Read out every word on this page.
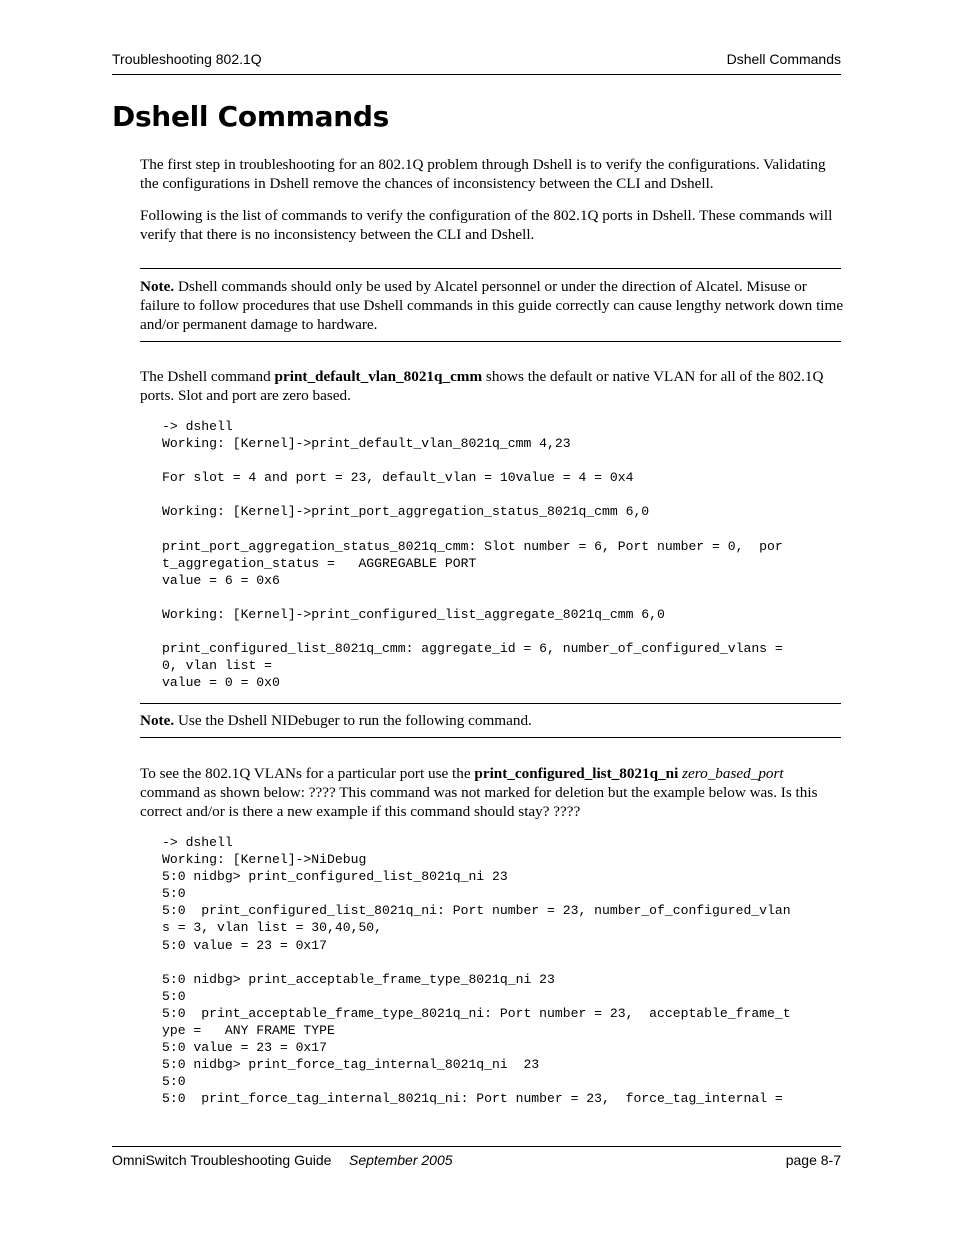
Troubleshooting 802.1Q	Dshell Commands
Dshell Commands

The first step in troubleshooting for an 802.1Q problem through Dshell is to verify the configurations. Validating the configurations in Dshell remove the chances of inconsistency between the CLI and Dshell.

Following is the list of commands to verify the configuration of the 802.1Q ports in Dshell. These commands will verify that there is no inconsistency between the CLI and Dshell.

Note. Dshell commands should only be used by Alcatel personnel or under the direction of Alcatel. Misuse or failure to follow procedures that use Dshell commands in this guide correctly can cause lengthy network down time and/or permanent damage to hardware.

The Dshell command print_default_vlan_8021q_cmm shows the default or native VLAN for all of the 802.1Q ports. Slot and port are zero based.

-> dshell
Working: [Kernel]->print_default_vlan_8021q_cmm 4,23

For slot = 4 and port = 23, default_vlan = 10value = 4 = 0x4

Working: [Kernel]->print_port_aggregation_status_8021q_cmm 6,0

print_port_aggregation_status_8021q_cmm: Slot number = 6, Port number = 0,  por
t_aggregation_status =   AGGREGABLE PORT
value = 6 = 0x6

Working: [Kernel]->print_configured_list_aggregate_8021q_cmm 6,0

print_configured_list_8021q_cmm: aggregate_id = 6, number_of_configured_vlans =
0, vlan list =
value = 0 = 0x0

Note. Use the Dshell NIDebuger to run the following command.

To see the 802.1Q VLANs for a particular port use the print_configured_list_8021q_ni zero_based_port command as shown below: ???? This command was not marked for deletion but the example below was. Is this correct and/or is there a new example if this command should stay? ????

-> dshell
Working: [Kernel]->NiDebug
5:0 nidbg> print_configured_list_8021q_ni 23
5:0
5:0  print_configured_list_8021q_ni: Port number = 23, number_of_configured_vlan
s = 3, vlan list = 30,40,50,
5:0 value = 23 = 0x17

5:0 nidbg> print_acceptable_frame_type_8021q_ni 23
5:0
5:0  print_acceptable_frame_type_8021q_ni: Port number = 23,  acceptable_frame_t
ype =   ANY FRAME TYPE
5:0 value = 23 = 0x17
5:0 nidbg> print_force_tag_internal_8021q_ni  23
5:0
5:0  print_force_tag_internal_8021q_ni: Port number = 23,  force_tag_internal =
OmniSwitch Troubleshooting Guide September 2005	page 8-7
